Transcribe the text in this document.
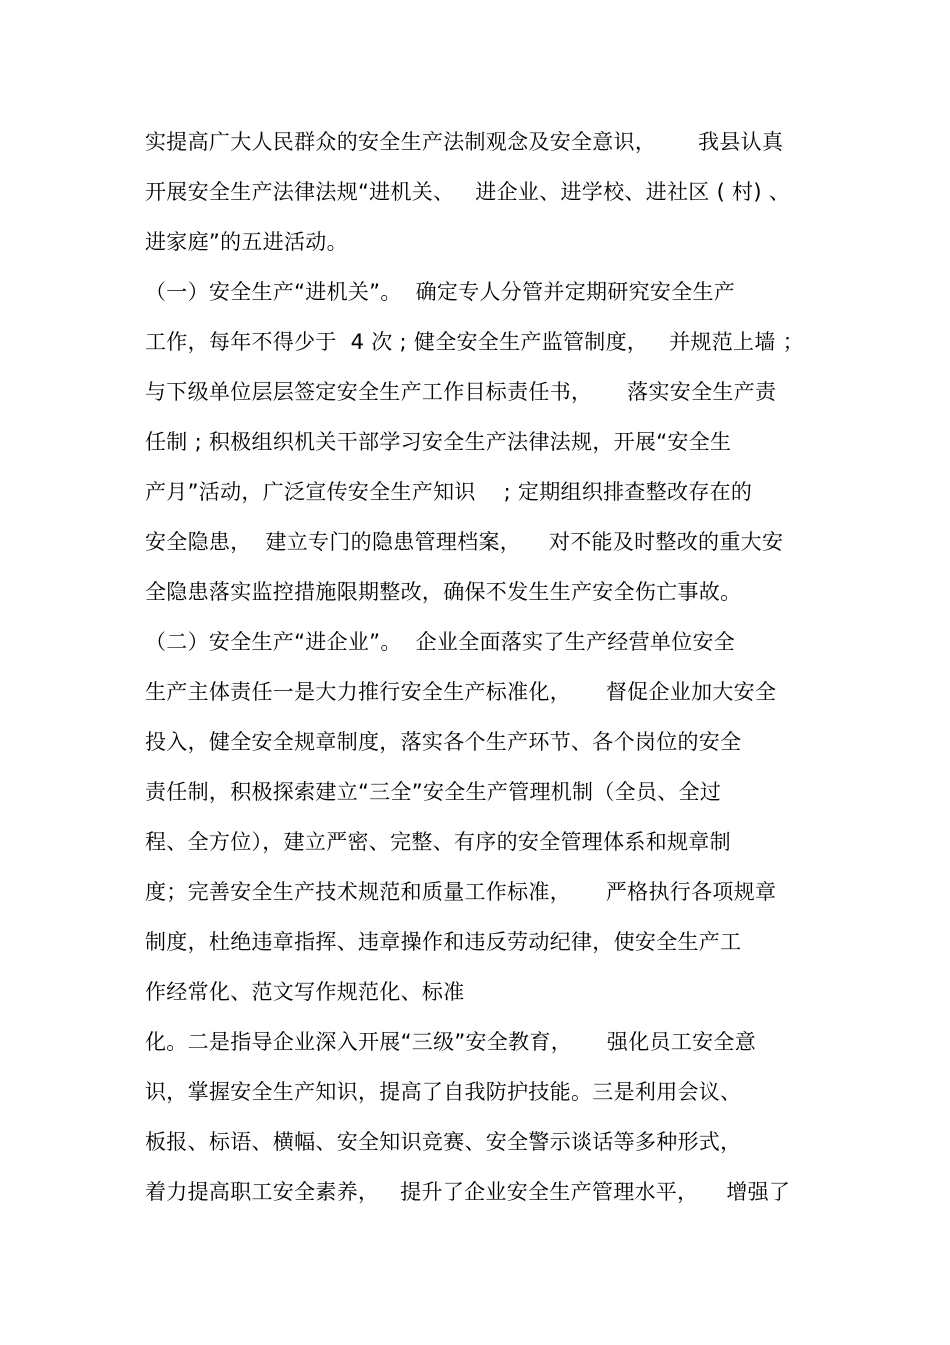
实提高广大人民群众的安全生产法制观念及安全意识，      我县认真
开展安全生产法律法规“进机关、   进企业、进学校、进社区 ( 村) 、
进家庭”的五进活动。
（一）安全生产“进机关”。  确定专人分管并定期研究安全生产
工作，每年不得少于  4 次 ; 健全安全生产监管制度，   并规范上墙 ；
与下级单位层层签定安全生产工作目标责任书，     落实安全生产责
任制 ; 积极组织机关干部学习安全生产法律法规，开展“安全生
产月”活动，广泛宣传安全生产知识    ; 定期组织排查整改存在的
安全隐患，  建立专门的隐患管理档案，    对不能及时整改的重大安
全隐患落实监控措施限期整改，确保不发生生产安全伤亡事故。
（二）安全生产“进企业”。  企业全面落实了生产经营单位安全
生产主体责任一是大力推行安全生产标准化，     督促企业加大安全
投入，健全安全规章制度，落实各个生产环节、各个岗位的安全
责任制，积极探索建立“三全”安全生产管理机制（全员、全过
程、全方位），建立严密、完整、有序的安全管理体系和规章制
度；完善安全生产技术规范和质量工作标准，     严格执行各项规章
制度，杜绝违章指挥、违章操作和违反劳动纪律，使安全生产工
作经常化、范文写作规范化、标准
化。二是指导企业深入开展“三级”安全教育，     强化员工安全意
识，掌握安全生产知识，提高了自我防护技能。三是利用会议、
板报、标语、横幅、安全知识竞赛、安全警示谈话等多种形式，
着力提高职工安全素养，   提升了企业安全生产管理水平，    增强了
